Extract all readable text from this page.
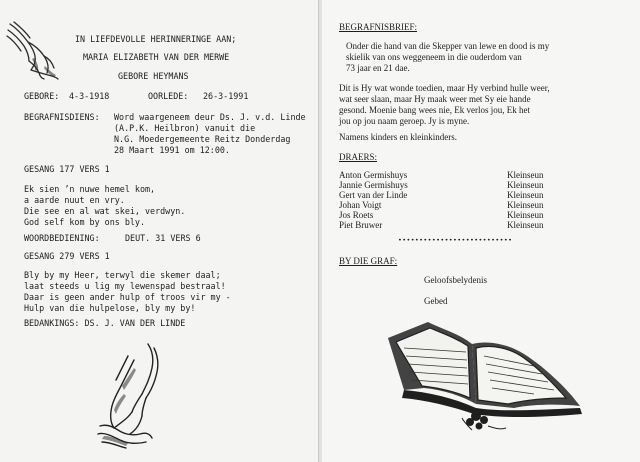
IN LIEFDEVOLLE HERINNERINGE AAN;
MARIA ELIZABETH VAN DER MERWE
GEBORE HEYMANS
GEBORE: 4-3-1918	OORLEDE: 26-3-1991
BEGRAFNISDIENS: Word waargeneem deur Ds. J. v.d. Linde
(A.P.K. Heilbron) vanuit die
N.G. Moedergemeente Reitz Donderdag
28 Maart 1991 om 12:00.
GESANG 177 VERS 1
Ek sien ’n nuwe hemel kom,
a aarde nuut en vry.
Die see en al wat skei, verdwyn.
God self kom by ons bly.
WOORDBEDIENING:	DEUT. 31 VERS 6
GESANG 279 VERS 1
Bly by my Heer, terwyl die skemer daal;
laat steeds u lig my lewenspad bestraal!
Daar is geen ander hulp of troos vir my -
Hulp van die hulpelose, bly my by!
BEDANKINGS: DS. J. VAN DER LINDE
BEGRAFNISBRIEF:
Onder die hand van die Skepper van lewe en dood is my
skielik van ons weggeneem in die ouderdom van
73 jaar en 21 dae.
Dit is Hy wat wonde toedien, maar Hy verbind hulle weer,
wat seer slaan, maar Hy maak weer met Sy eie hande
gesond. Moenie bang wees nie, Ek verlos jou, Ek het
jou op jou naam geroep. Jy is myne.
Namens kinders en kleinkinders.
DRAERS:
Anton Germishuys	Kleinseun
Jannie Germishuys	Kleinseun
Gert van der Linde	Kleinseun
Johan Voigt	Kleinseun
Jos Roets	Kleinseun
Piet Bruwer	Kleinseun
•••••••••••••••••••••••••••
BY DIE GRAF:
Geloofsbelydenis
Gebed
